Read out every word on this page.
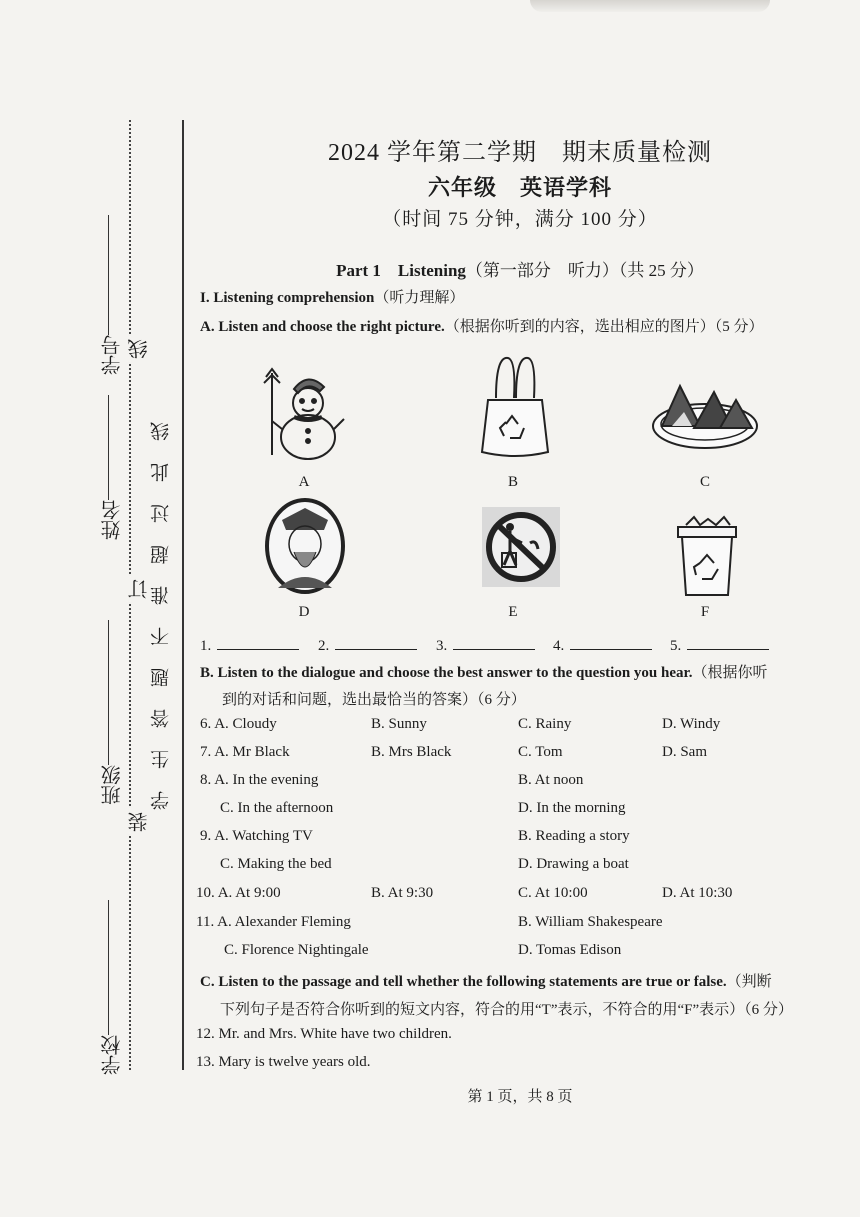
学校
班级
姓名
学号
装
订
线
学生答题不准超过此线
2024 学年第二学期　期末质量检测
六年级　英语学科
（时间 75 分钟，满分 100 分）
Part 1　Listening（第一部分　听力）（共 25 分）
I. Listening comprehension（听力理解）
A. Listen and choose the right picture.（根据你听到的内容，选出相应的图片）（5 分）
A	B	C
D	E	F
1.	2.	3.	4.	5.
B. Listen to the dialogue and choose the best answer to the question you hear.（根据你听
到的对话和问题，选出最恰当的答案）（6 分）
6. A. Cloudy	B. Sunny	C. Rainy	D. Windy
7. A. Mr Black	B. Mrs Black	C. Tom	D. Sam
8. A. In the evening	B. At noon
C. In the afternoon	D. In the morning
9. A. Watching TV	B. Reading a story
C. Making the bed	D. Drawing a boat
10. A. At 9:00	B. At 9:30	C. At 10:00	D. At 10:30
11. A. Alexander Fleming	B. William Shakespeare
C. Florence Nightingale	D. Tomas Edison
C. Listen to the passage and tell whether the following statements are true or false.（判断
下列句子是否符合你听到的短文内容，符合的用“T”表示，不符合的用“F”表示）（6 分）
12. Mr. and Mrs. White have two children.
13. Mary is twelve years old.
第 1 页，共 8 页
